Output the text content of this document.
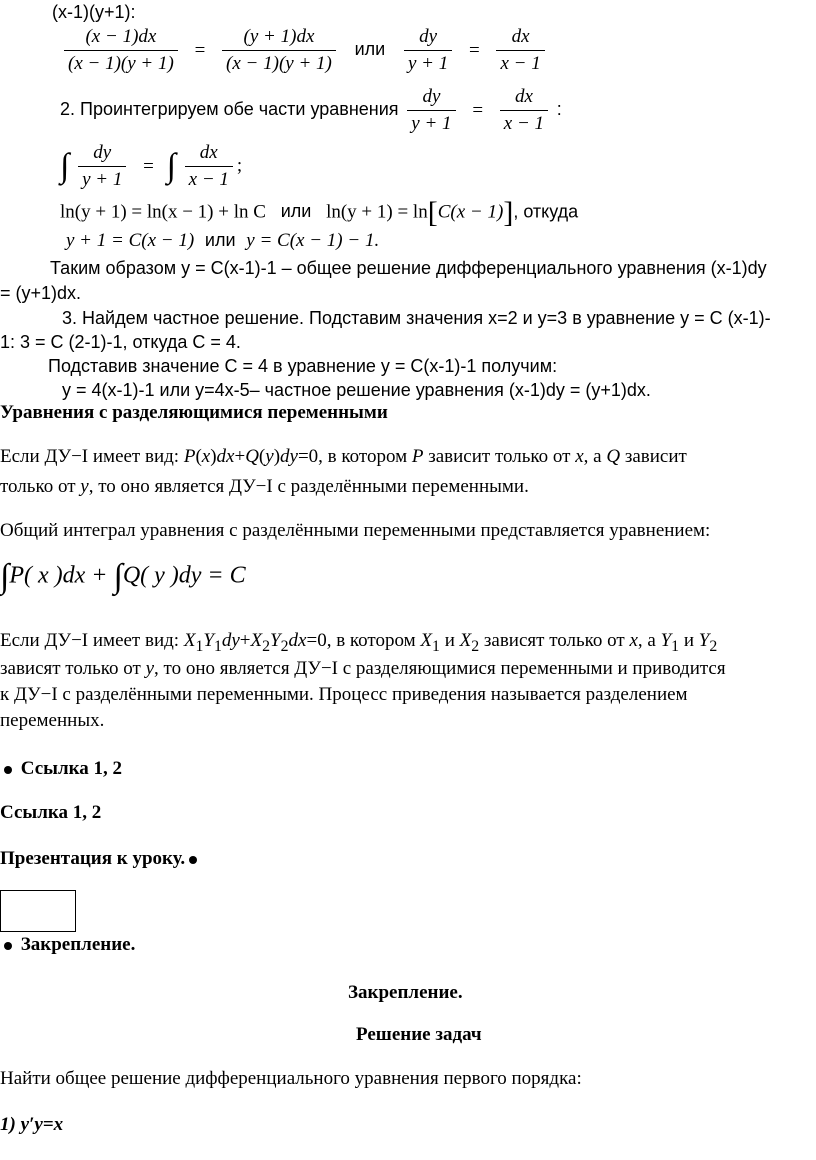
(x-1)(y+1):
$\frac{(x - 1)dx}{(x - 1)(y + 1)} = \frac{(y + 1)dx}{(x - 1)(y + 1)}$ или $\frac{dy}{y + 1} = \frac{dx}{x - 1}$
2. Проинтегрируем обе части уравнения $\frac{dy}{y + 1} = \frac{dx}{x - 1}$ :
∫ $\frac{dy}{y + 1}$ = ∫ $\frac{dx}{x - 1}$ ;
ln(y + 1) = ln(x − 1) + ln C или ln(y + 1) = ln[C(x − 1)], откуда
y + 1 = C(x − 1) или y = C(x − 1) − 1.
Таким образом y = C(x-1)-1 – общее решение дифференциального уравнения (x-1)dy
= (y+1)dx.
3. Найдем частное решение. Подставим значения x=2 и y=3 в уравнение y = C (x-1)-
1: 3 = C (2-1)-1, откуда C = 4.
Подставив значение C = 4 в уравнение y = C(x-1)-1 получим:
y = 4(x-1)-1 или y=4x-5– частное решение уравнения (x-1)dy = (y+1)dx.
Уравнения с разделяющимися переменными
Если ДУ−I имеет вид: P(x)dx+Q(y)dy=0, в котором P зависит только от x, а Q зависит
только от y, то оно является ДУ−I с разделёнными переменными.
Общий интеграл уравнения с разделёнными переменными представляется уравнением:
∫P( x )dx + ∫Q( y )dy = C
Если ДУ−I имеет вид: $X_1Y_1dy+X_2Y_2dx=0$, в котором $X_1$ и $X_2$ зависят только от x, а $Y_1$ и $Y_2$
зависят только от y, то оно является ДУ−I с разделяющимися переменными и приводится
к ДУ−I с разделёнными переменными. Процесс приведения называется разделением
переменных.
Ссылка 1, 2
Ссылка 1, 2
Презентация к уроку.
Закрепление.
Закрепление.
Решение задач
Найти общее решение дифференциального уравнения первого порядка:
1) y′y=x
